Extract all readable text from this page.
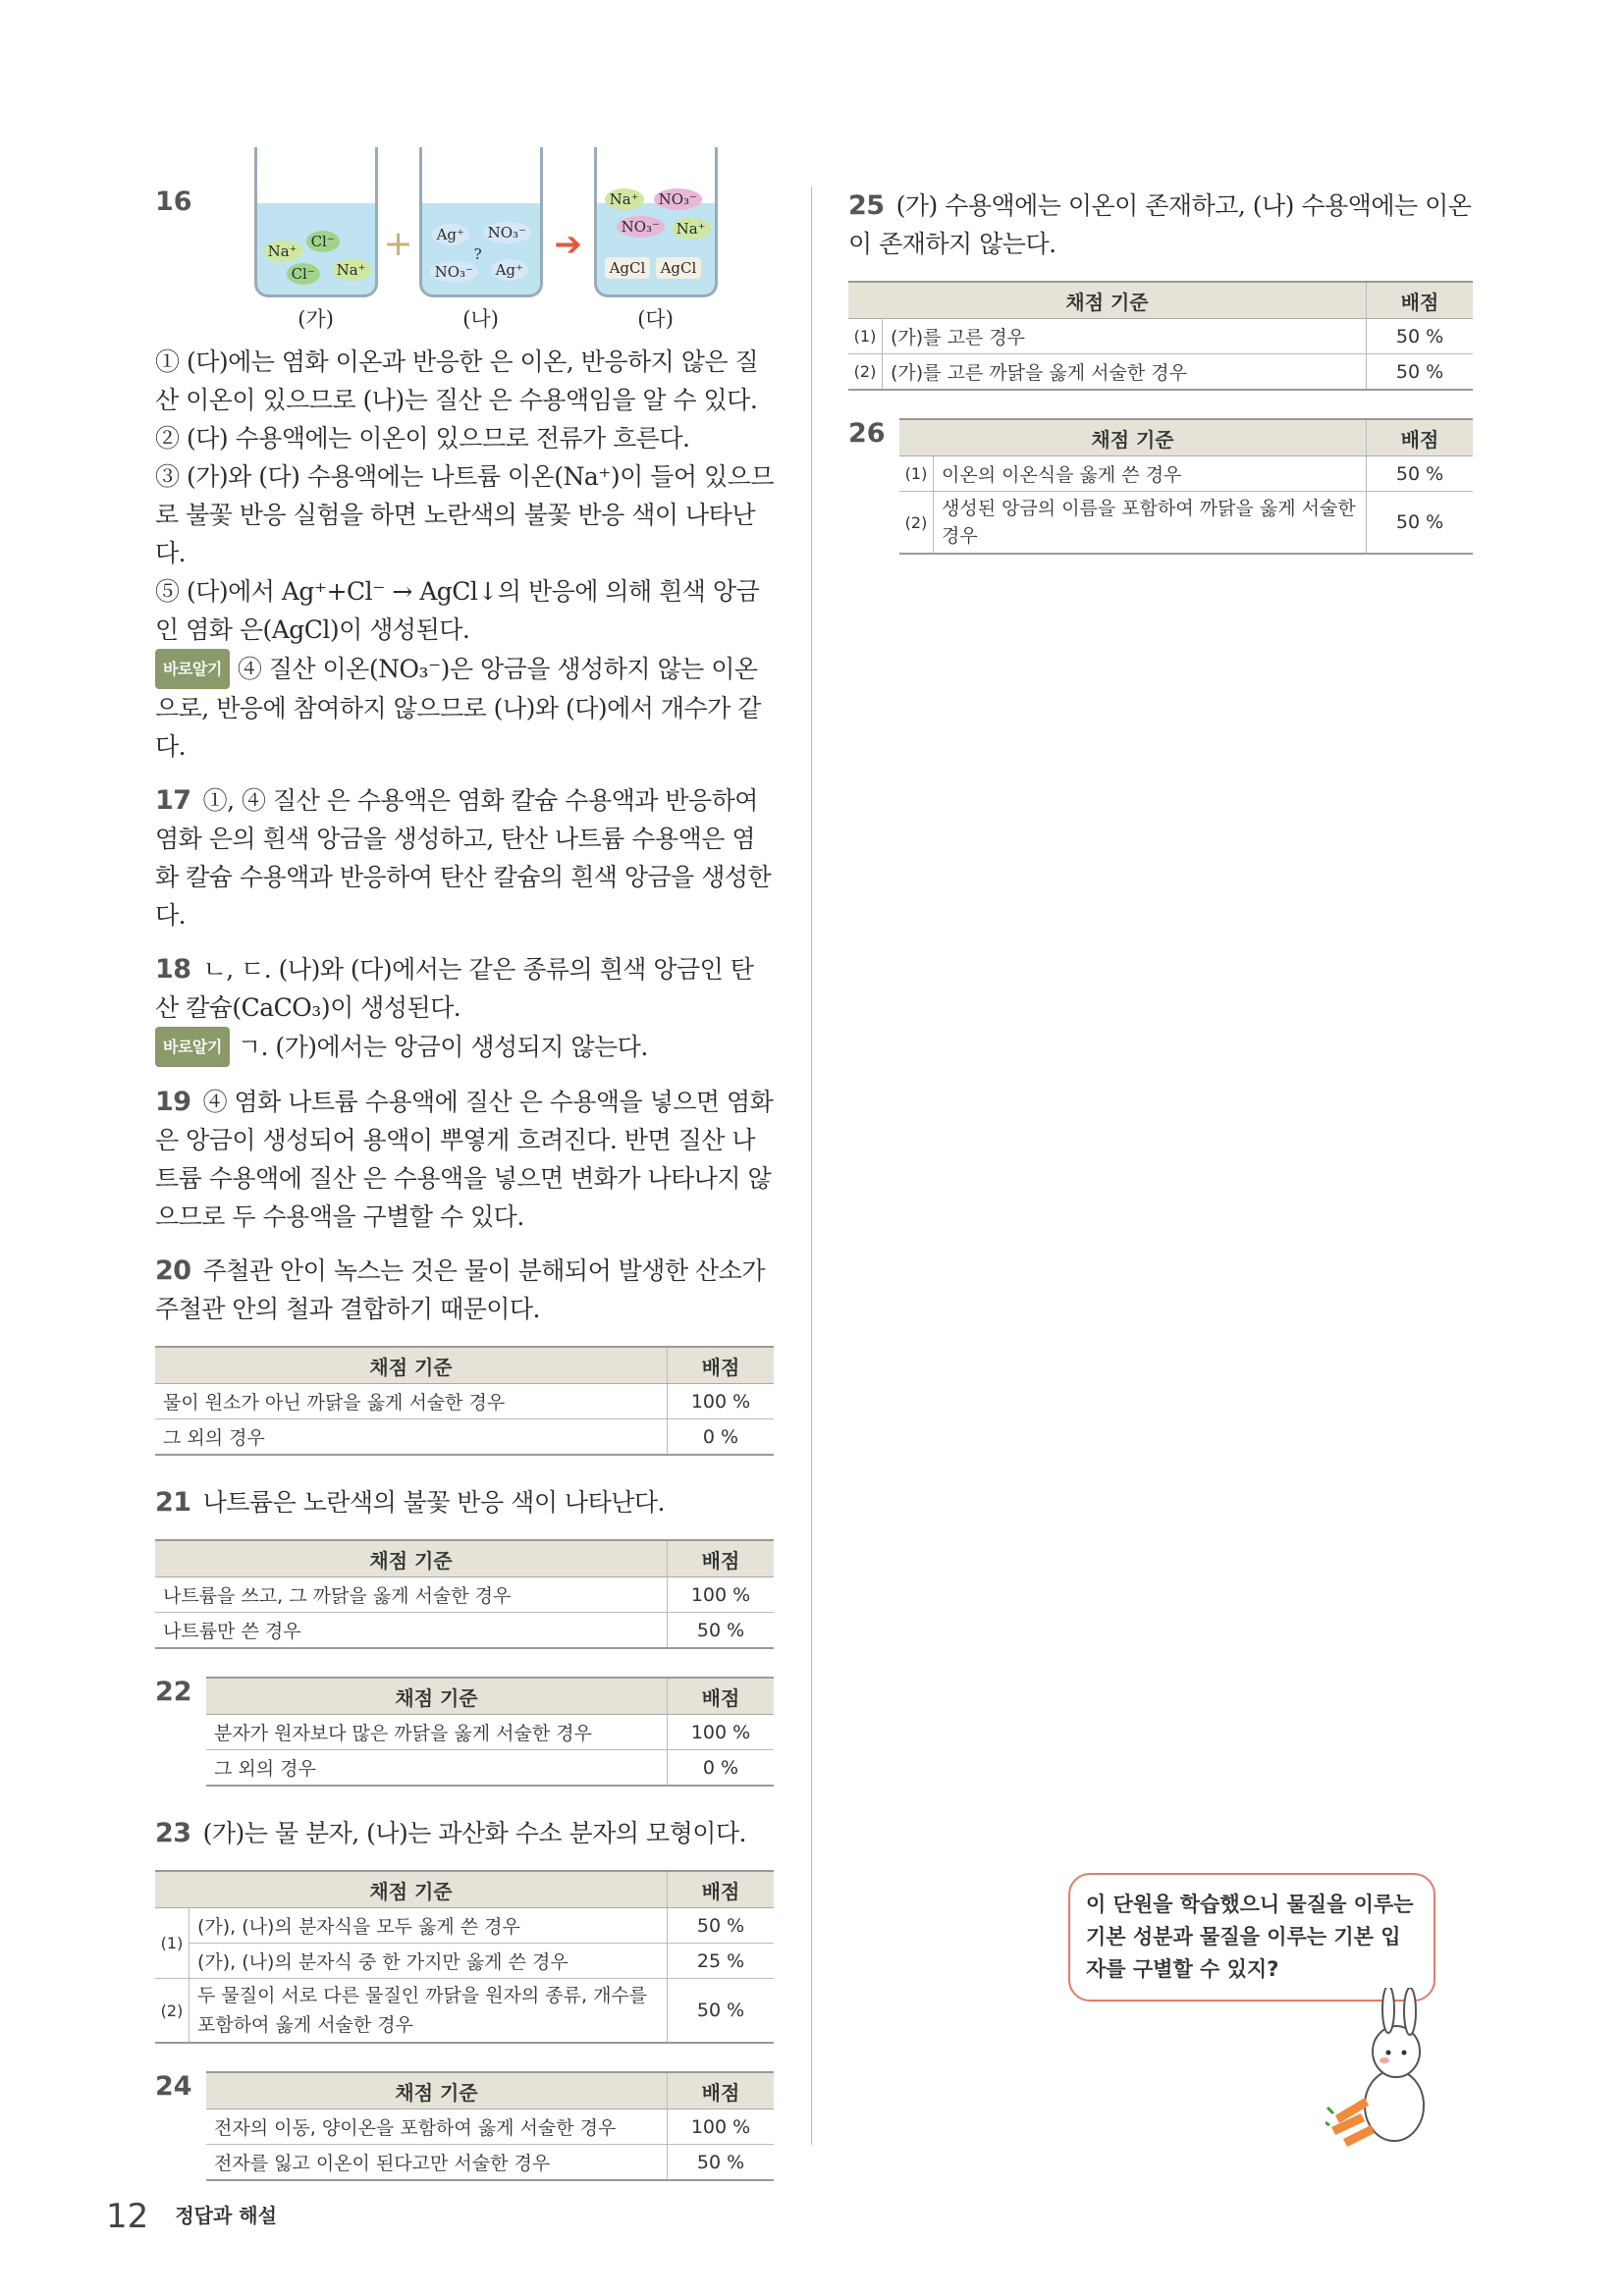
16
Na⁺
Cl⁻
Cl⁻	Na⁺
(가)
+	Ag⁺	NO₃⁻
?
NO₃⁻	Ag⁺
(나)
➔
Na⁺	NO₃⁻
NO₃⁻	Na⁺
AgCl	AgCl
(다)

① (다)에는 염화 이온과 반응한 은 이온, 반응하지 않은 질산 이온이 있으므로 (나)는 질산 은 수용액임을 알 수 있다.

② (다) 수용액에는 이온이 있으므로 전류가 흐른다.

③ (가)와 (다) 수용액에는 나트륨 이온(Na⁺)이 들어 있으므로 불꽃 반응 실험을 하면 노란색의 불꽃 반응 색이 나타난다.

⑤ (다)에서 Ag⁺+Cl⁻ → AgCl↓의 반응에 의해 흰색 앙금인 염화 은(AgCl)이 생성된다.

바로알기 ④ 질산 이온(NO₃⁻)은 앙금을 생성하지 않는 이온으로, 반응에 참여하지 않으므로 (나)와 (다)에서 개수가 같다.

17 ①, ④ 질산 은 수용액은 염화 칼슘 수용액과 반응하여 염화 은의 흰색 앙금을 생성하고, 탄산 나트륨 수용액은 염화 칼슘 수용액과 반응하여 탄산 칼슘의 흰색 앙금을 생성한다.

18 ㄴ, ㄷ. (나)와 (다)에서는 같은 종류의 흰색 앙금인 탄산 칼슘(CaCO₃)이 생성된다.

바로알기 ㄱ. (가)에서는 앙금이 생성되지 않는다.

19 ④ 염화 나트륨 수용액에 질산 은 수용액을 넣으면 염화 은 앙금이 생성되어 용액이 뿌옇게 흐려진다. 반면 질산 나트륨 수용액에 질산 은 수용액을 넣으면 변화가 나타나지 않으므로 두 수용액을 구별할 수 있다.

20 주철관 안이 녹스는 것은 물이 분해되어 발생한 산소가 주철관 안의 철과 결합하기 때문이다.

채점 기준	배점
물이 원소가 아닌 까닭을 옳게 서술한 경우	100 %
그 외의 경우	0 %

21 나트륨은 노란색의 불꽃 반응 색이 나타난다.

채점 기준	배점
나트륨을 쓰고, 그 까닭을 옳게 서술한 경우	100 %
나트륨만 쓴 경우	50 %
22	채점 기준	배점
분자가 원자보다 많은 까닭을 옳게 서술한 경우	100 %
그 외의 경우	0 %

23 (가)는 물 분자, (나)는 과산화 수소 분자의 모형이다.

채점 기준		배점
(1)	(가), (나)의 분자식을 모두 옳게 쓴 경우	50 %
	(가), (나)의 분자식 중 한 가지만 옳게 쓴 경우	25 %
(2)	두 물질이 서로 다른 물질인 까닭을 원자의 종류, 개수를 포함하여 옳게 서술한 경우	50 %
24	채점 기준	배점
전자의 이동, 양이온을 포함하여 옳게 서술한 경우	100 %
전자를 잃고 이온이 된다고만 서술한 경우	50 %

25 (가) 수용액에는 이온이 존재하고, (나) 수용액에는 이온이 존재하지 않는다.

채점 기준		배점
(1)	(가)를 고른 경우	50 %
(2)	(가)를 고른 까닭을 옳게 서술한 경우	50 %
26	채점 기준		배점
(1)	이온의 이온식을 옳게 쓴 경우	50 %
(2)	생성된 앙금의 이름을 포함하여 까닭을 옳게 서술한 경우	50 %
이 단원을 학습했으니 물질을 이루는 기본 성분과 물질을 이루는 기본 입자를 구별할 수 있지?
12 정답과 해설
